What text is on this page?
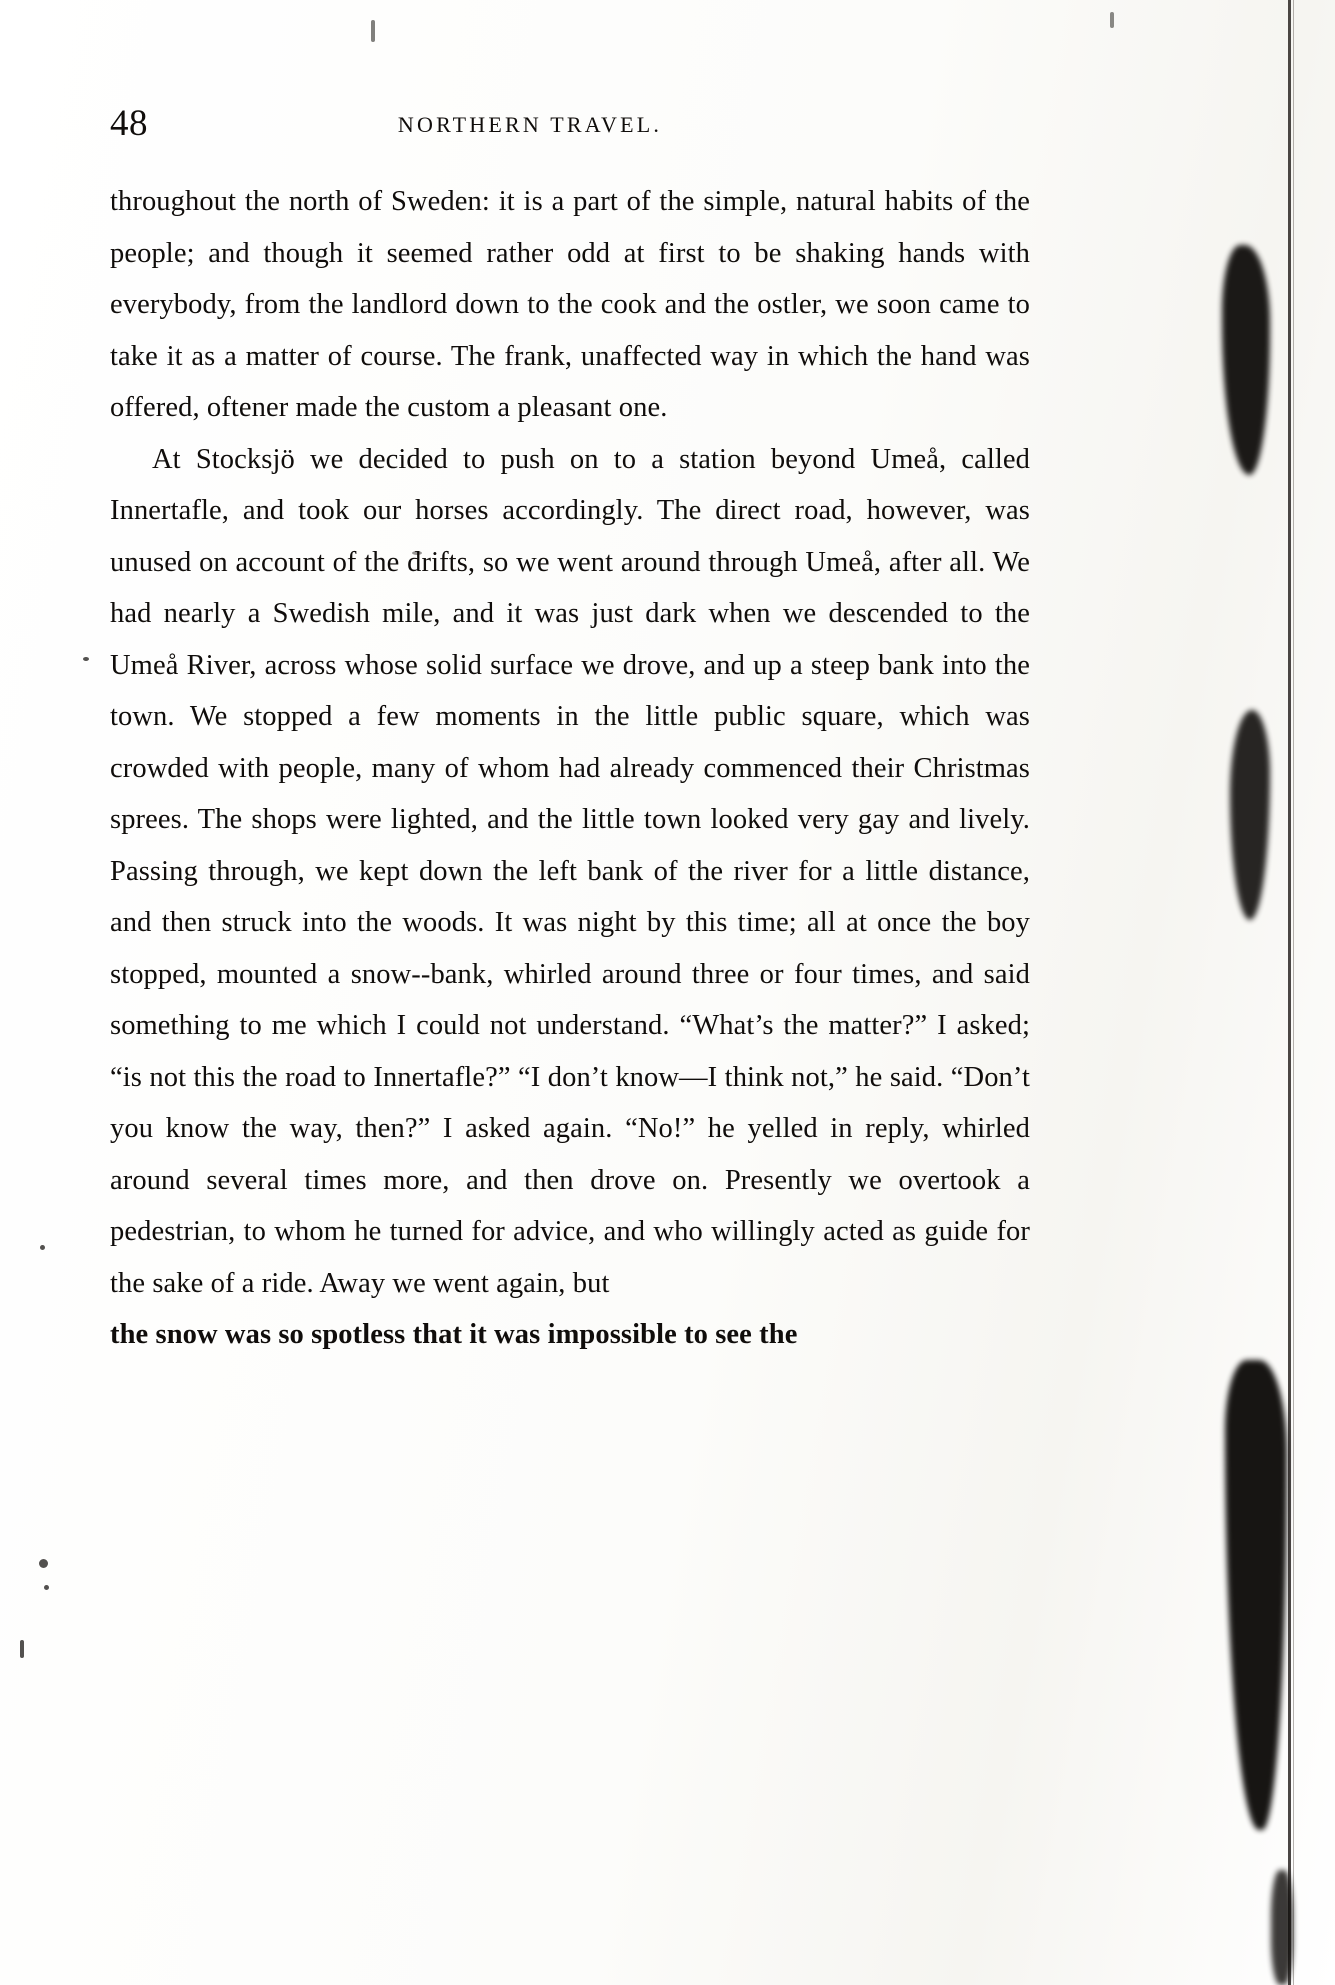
48	NORTHERN TRAVEL.

throughout the north of Sweden: it is a part of the simple, natural habits of the people; and though it seemed rather odd at first to be shaking hands with everybody, from the landlord down to the cook and the ostler, we soon came to take it as a matter of course. The frank, unaffected way in which the hand was offered, oftener made the custom a pleasant one.

At Stocksjö we decided to push on to a station beyond Umeå, called Innertafle, and took our horses accordingly. The direct road, however, was unused on account of the drifts, so we went around through Umeå, after all. We had nearly a Swedish mile, and it was just dark when we descended to the Umeå River, across whose solid surface we drove, and up a steep bank into the town. We stopped a few moments in the little public square, which was crowded with people, many of whom had already commenced their Christmas sprees. The shops were lighted, and the little town looked very gay and lively. Passing through, we kept down the left bank of the river for a little distance, and then struck into the woods. It was night by this time; all at once the boy stopped, mounted a snow--bank, whirled around three or four times, and said something to me which I could not understand. “What’s the matter?” I asked; “is not this the road to Innertafle?” “I don’t know—I think not,” he said. “Don’t you know the way, then?” I asked again. “No!” he yelled in reply, whirled around several times more, and then drove on. Presently we overtook a pedestrian, to whom he turned for advice, and who willingly acted as guide for the sake of a ride. Away we went again, but

the snow was so spotless that it was impossible to see the
